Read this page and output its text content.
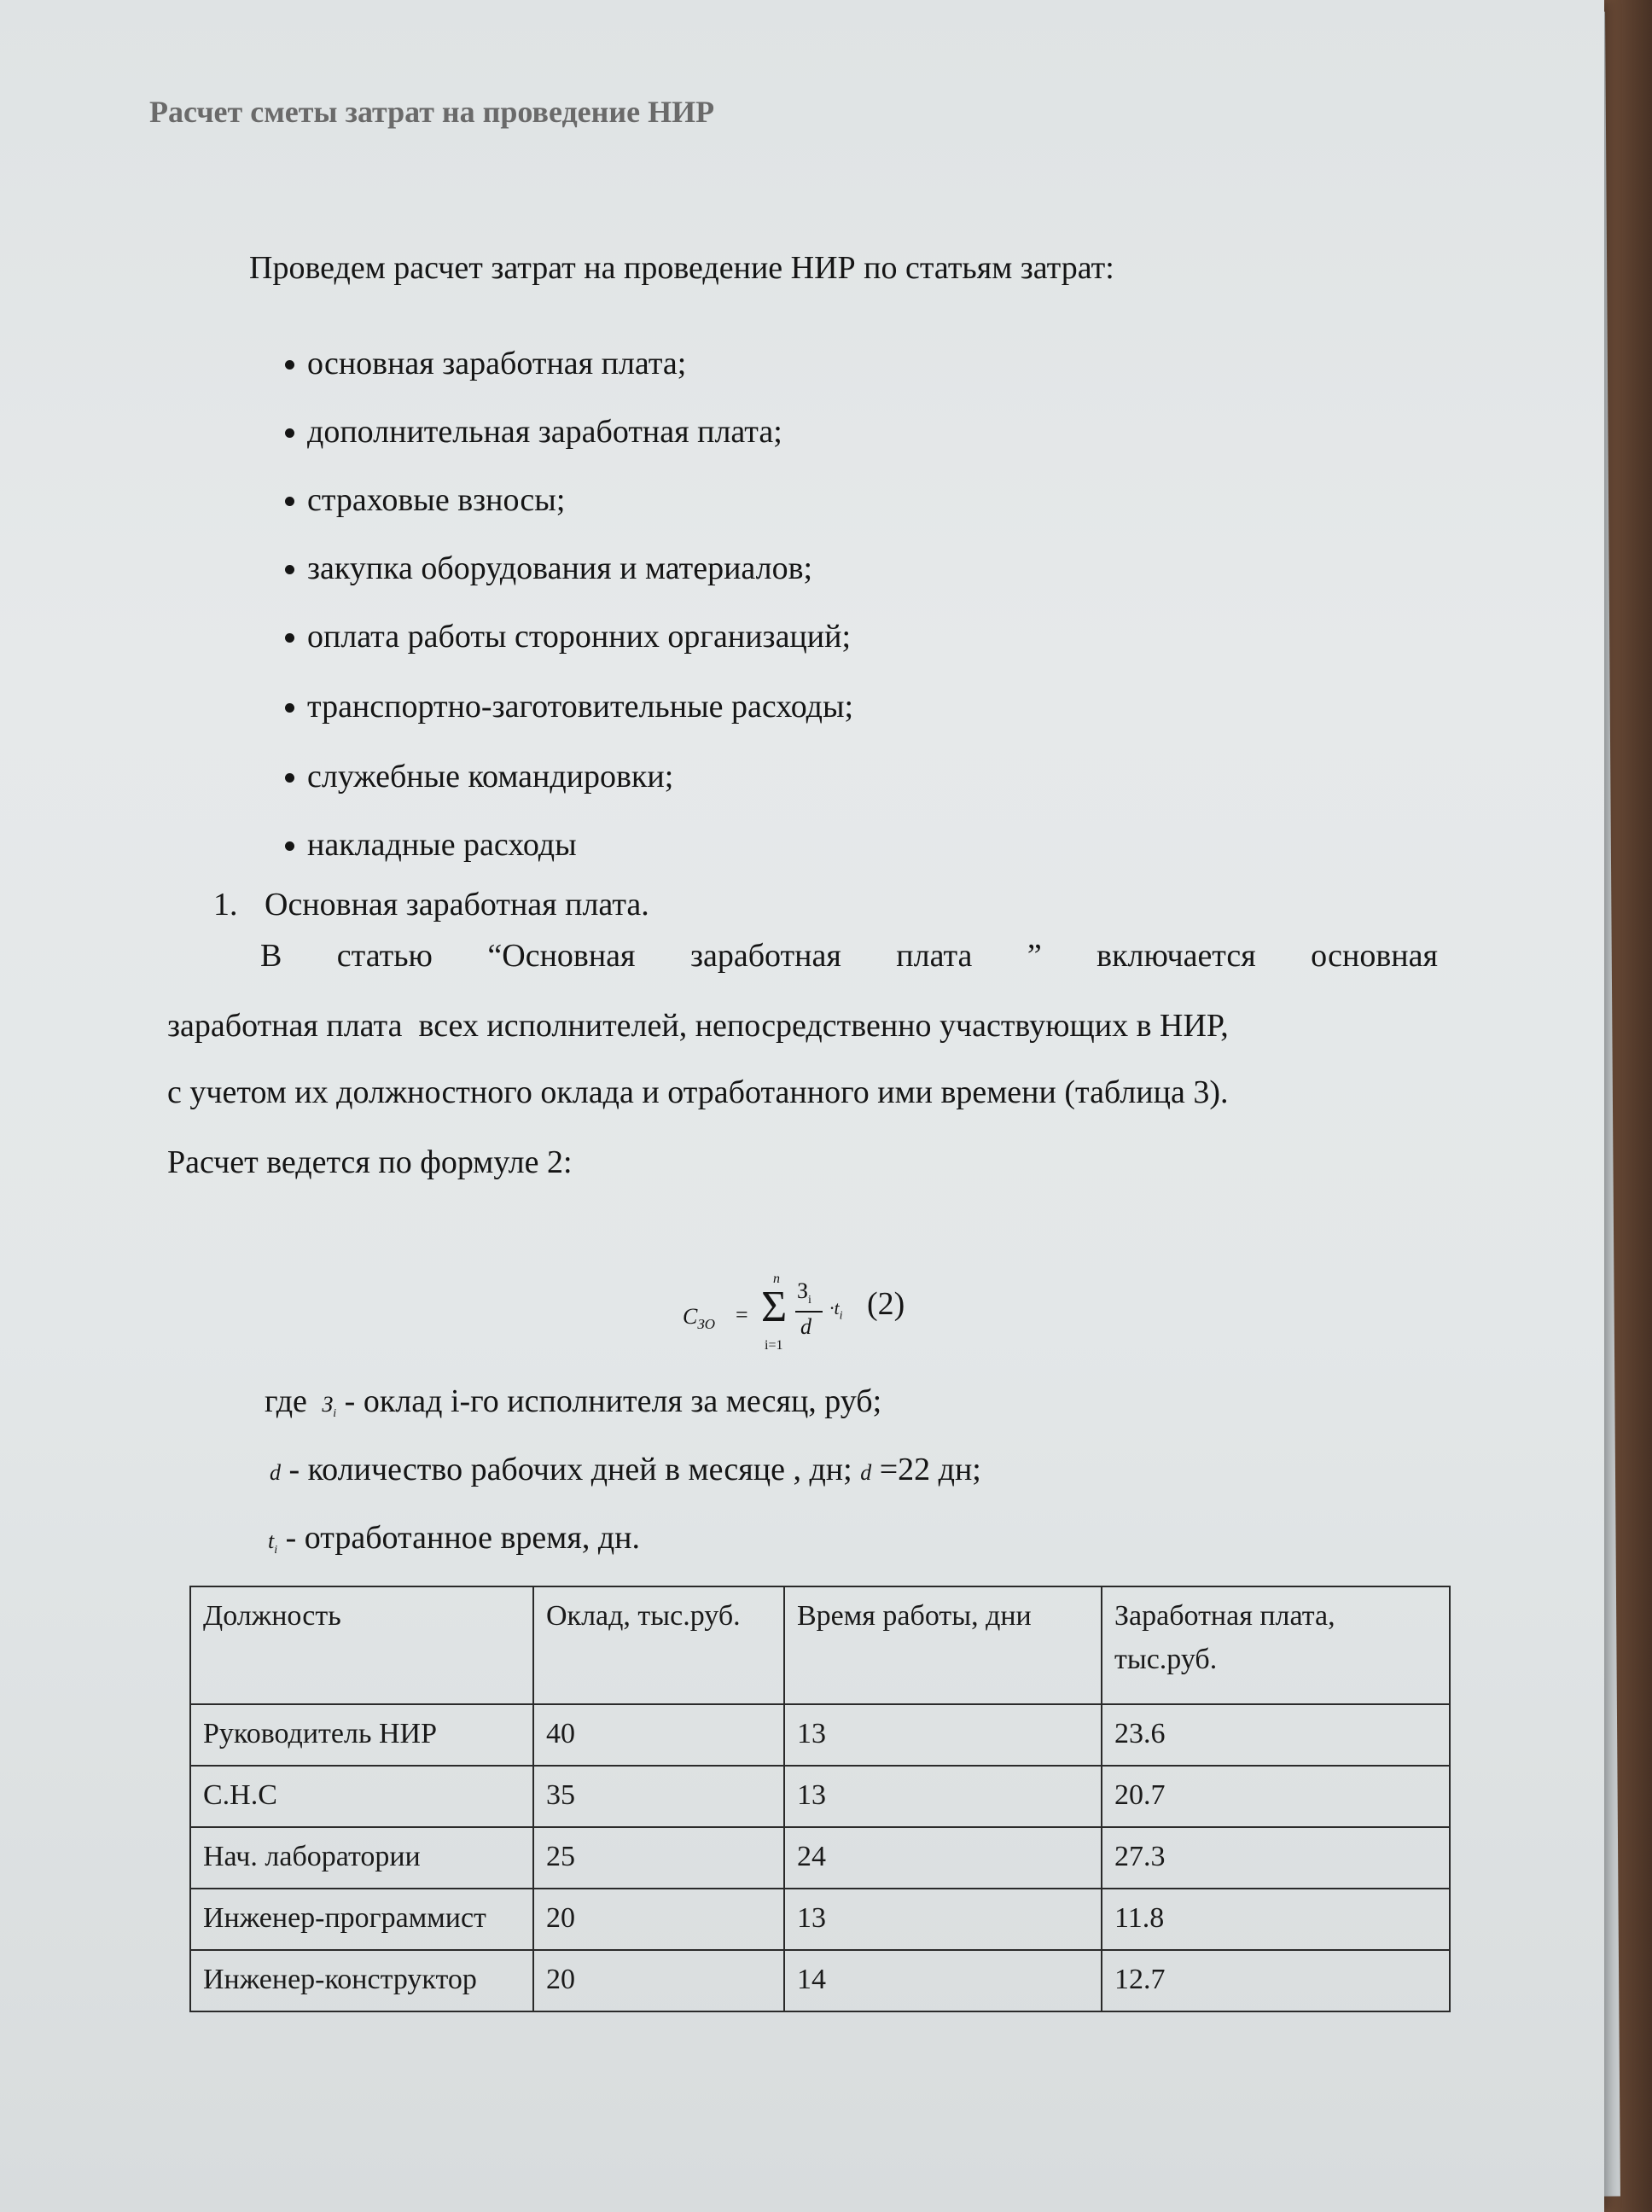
Расчет сметы затрат на проведение НИР
Проведем расчет затрат на проведение НИР по статьям затрат:
основная заработная плата;
дополнительная заработная плата;
страховые взносы;
закупка оборудования и материалов;
оплата работы сторонних организаций;
транспортно-заготовительные расходы;
служебные командировки;
накладные расходы
1. Основная заработная плата.
В статью “Основная заработная плата ” включается основная
заработная плата  всех исполнителей, непосредственно участвующих в НИР,
с учетом их должностного оклада и отработанного ими времени (таблица 3).
Расчет ведется по формуле 2:
$C_{ЗО} = \Sigma$
n
i=1
$З_i$
d
$\cdot t_i$ (2)
где $З_i$ - оклад i-го исполнителя за месяц, руб;
d - количество рабочих дней в месяце , дн; d =22 дн;
$t_i$ - отработанное время, дн.
Должность	Оклад, тыс.руб.	Время работы, дни	Заработная плата,
тыс.руб.
Руководитель НИР	40	13	23.6
С.Н.С	35	13	20.7
Нач. лаборатории	25	24	27.3
Инженер-программист	20	13	11.8
Инженер-конструктор	20	14	12.7
